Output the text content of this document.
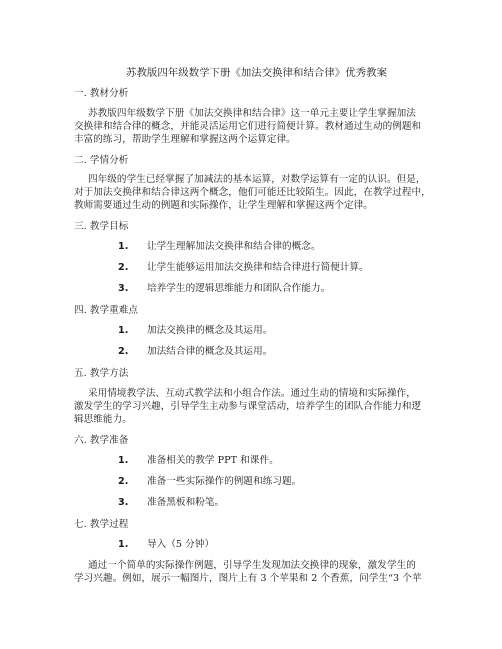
苏教版四年级数学下册《加法交换律和结合律》优秀教案
一. 教材分析
苏教版四年级数学下册《加法交换律和结合律》这一单元主要让学生掌握加法
交换律和结合律的概念，并能灵活运用它们进行简便计算。教材通过生动的例题和
丰富的练习，帮助学生理解和掌握这两个运算定律。
二. 学情分析
四年级的学生已经掌握了加减法的基本运算，对数学运算有一定的认识。但是，
对于加法交换律和结合律这两个概念，他们可能还比较陌生。因此，在教学过程中，
教师需要通过生动的例题和实际操作，让学生理解和掌握这两个定律。
三. 教学目标
1. 让学生理解加法交换律和结合律的概念。
2. 让学生能够运用加法交换律和结合律进行简便计算。
3. 培养学生的逻辑思维能力和团队合作能力。
四. 教学重难点
1. 加法交换律的概念及其运用。
2. 加法结合律的概念及其运用。
五. 教学方法
采用情境教学法、互动式教学法和小组合作法。通过生动的情境和实际操作，
激发学生的学习兴趣，引导学生主动参与课堂活动，培养学生的团队合作能力和逻
辑思维能力。
六. 教学准备
1. 准备相关的教学 PPT 和课件。
2. 准备一些实际操作的例题和练习题。
3. 准备黑板和粉笔。
七. 教学过程
1. 导入（5 分钟）
通过一个简单的实际操作例题，引导学生发现加法交换律的现象，激发学生的
学习兴趣。例如，展示一幅图片，图片上有 3 个苹果和 2 个香蕉，问学生“3 个苹
